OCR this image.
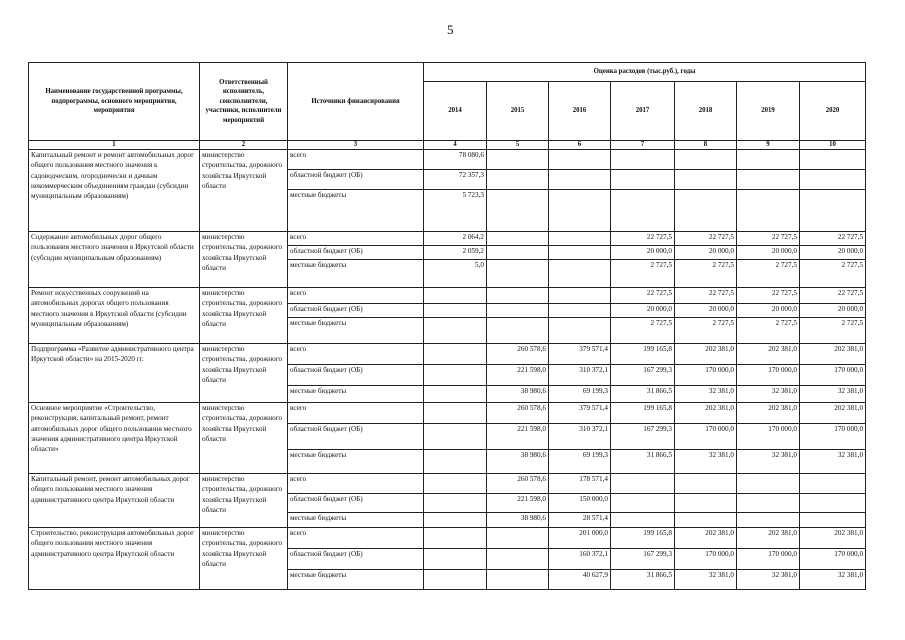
5
Наименование государственной программы, подпрограммы, основного мероприятия, мероприятия	Ответственный исполнитель, соисполнители, участники, исполнители мероприятий	Источники финансирования	Оценка расходов (тыс.руб.), годы						
			2014	2015	2016	2017	2018	2019	2020
1	2	3	4	5	6	7	8	9	10
Капитальный ремонт и ремонт автомобильных дорог общего пользования местного значения к садоводческим, огороднически и дачным некоммерческим объединениям граждан (субсидии муниципальным образованиям)	министерство строительства, дорожного хозяйства Иркутской области	всего	78 080,6						
		областной бюджет (ОБ)	72 357,3						
		местные бюджеты	5 723,3						
Содержание автомобильных дорог общего пользования местного значения в Иркутской области (субсидии муниципальным образованиям)	министерство строительства, дорожного хозяйства Иркутской области	всего	2 064,2			22 727,5	22 727,5	22 727,5	22 727,5
		областной бюджет (ОБ)	2 059,2			20 000,0	20 000,0	20 000,0	20 000,0
		местные бюджеты	5,0			2 727,5	2 727,5	2 727,5	2 727,5
Ремонт искусственных сооружений на автомобильных дорогах общего пользования местного значения в Иркутской области (субсидии муниципальным образованиям)	министерство строительства, дорожного хозяйства Иркутской области	всего				22 727,5	22 727,5	22 727,5	22 727,5
		областной бюджет (ОБ)				20 000,0	20 000,0	20 000,0	20 000,0
		местные бюджеты				2 727,5	2 727,5	2 727,5	2 727,5
Подпрограмма «Развитие административного центра Иркутской области» на 2015-2020 гг.	министерство строительства, дорожного хозяйства Иркутской области	всего		260 578,6	379 571,4	199 165,8	202 381,0	202 381,0	202 381,0
		областной бюджет (ОБ)		221 598,0	310 372,1	167 299,3	170 000,0	170 000,0	170 000,0
		местные бюджеты		38 980,6	69 199,3	31 866,5	32 381,0	32 381,0	32 381,0
Основное мероприятие «Строительство, реконструкция, капитальный ремонт, ремонт автомобильных дорог общего пользования местного значения административного центра Иркутской области»	министерство строительства, дорожного хозяйства Иркутской области	всего		260 578,6	379 571,4	199 165,8	202 381,0	202 381,0	202 381,0
		областной бюджет (ОБ)		221 598,0	310 372,1	167 299,3	170 000,0	170 000,0	170 000,0
		местные бюджеты		38 980,6	69 199,3	31 866,5	32 381,0	32 381,0	32 381,0
Капитальный ремонт, ремонт автомобильных дорог общего пользования местного значения административного центра Иркутской области	министерство строительства, дорожного хозяйства Иркутской области	всего		260 578,6	178 571,4				
		областной бюджет (ОБ)		221 598,0	150 000,0				
		местные бюджеты		38 980,6	28 571,4				
Строительство, реконструкция автомобильных дорог общего пользования местного значения административного центра Иркутской области	министерство строительства, дорожного хозяйства Иркутской области	всего			201 000,0	199 165,8	202 381,0	202 381,0	202 381,0
		областной бюджет (ОБ)			160 372,1	167 299,3	170 000,0	170 000,0	170 000,0
		местные бюджеты			40 627,9	31 866,5	32 381,0	32 381,0	32 381,0
